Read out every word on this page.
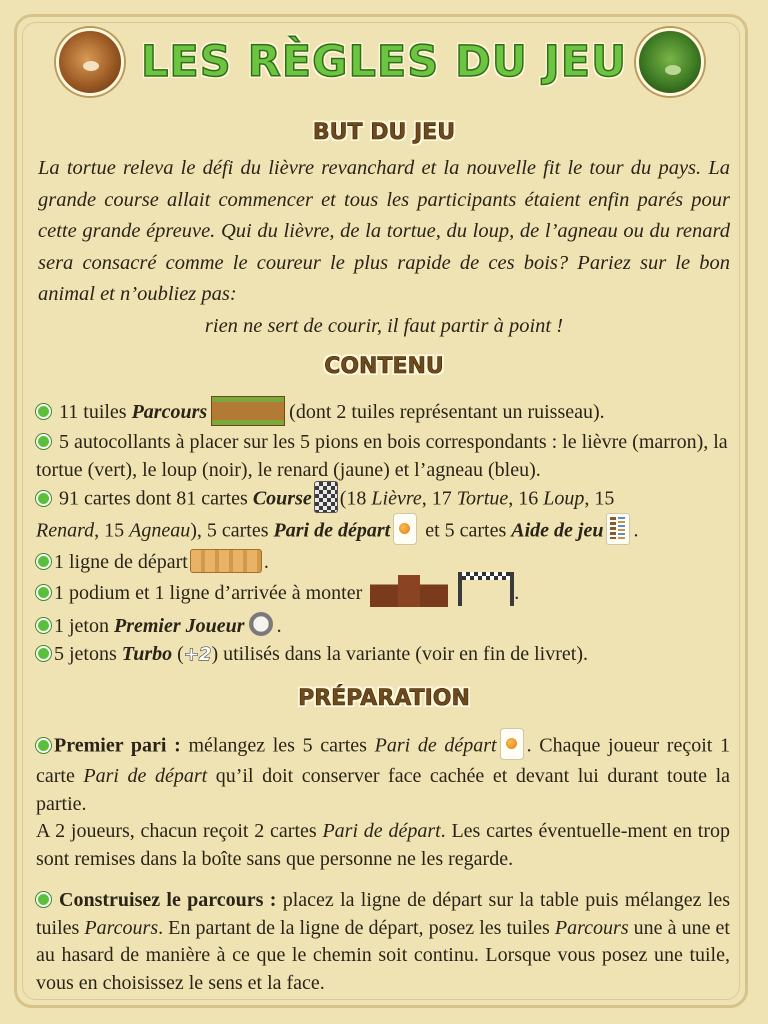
LES RÈGLES DU JEU
BUT DU JEU
La tortue releva le défi du lièvre revanchard et la nouvelle fit le tour du pays. La grande course allait commencer et tous les participants étaient enfin parés pour cette grande épreuve. Qui du lièvre, de la tortue, du loup, de l’agneau ou du renard sera consacré comme le coureur le plus rapide de ces bois? Pariez sur le bon animal et n’oubliez pas:
rien ne sert de courir, il faut partir à point !
CONTENU
11 tuiles Parcours	(dont 2 tuiles représentant un ruisseau).
5 autocollants à placer sur les 5 pions en bois correspondants : le lièvre (marron), la tortue (vert), le loup (noir), le renard (jaune) et l’agneau (bleu).
91 cartes dont 81 cartes Course (18 Lièvre, 17 Tortue, 16 Loup, 15
Renard, 15 Agneau), 5 cartes Pari de départ et 5 cartes Aide de jeu .
1 ligne de départ	.
1 podium et 1 ligne d’arrivée à monter	.
1 jeton Premier Joueur .
5 jetons Turbo (+2) utilisés dans la variante (voir en fin de livret).
PRÉPARATION

Premier pari : mélangez les 5 cartes Pari de départ . Chaque joueur reçoit 1 carte Pari de départ qu’il doit conserver face cachée et devant lui durant toute la partie.

A 2 joueurs, chacun reçoit 2 cartes Pari de départ. Les cartes éventuelle-ment en trop sont remises dans la boîte sans que personne ne les regarde.

Construisez le parcours : placez la ligne de départ sur la table puis mélangez les tuiles Parcours. En partant de la ligne de départ, posez les tuiles Parcours une à une et au hasard de manière à ce que le chemin soit continu. Lorsque vous posez une tuile, vous en choisissez le sens et la face.
